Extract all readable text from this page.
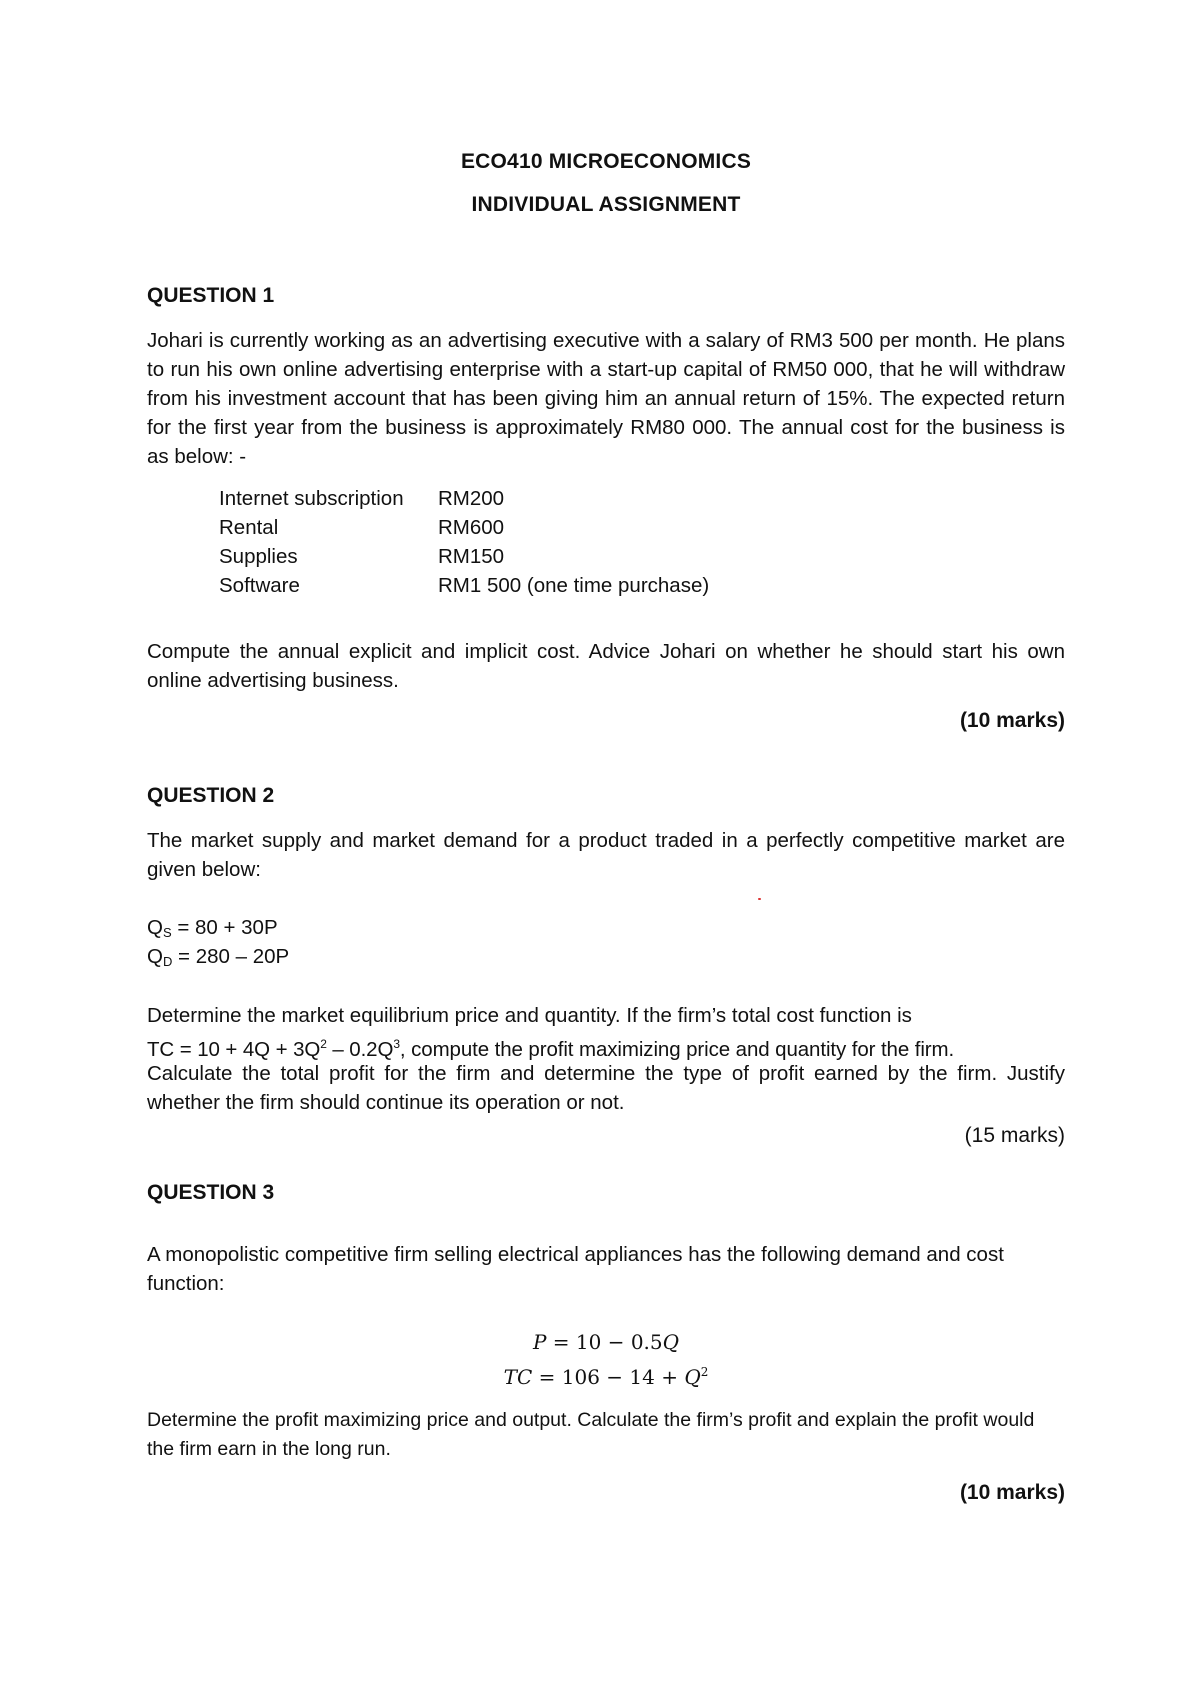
ECO410 MICROECONOMICS
INDIVIDUAL ASSIGNMENT
QUESTION 1
Johari is currently working as an advertising executive with a salary of RM3 500 per month. He plans to run his own online advertising enterprise with a start-up capital of RM50 000, that he will withdraw from his investment account that has been giving him an annual return of 15%. The expected return for the first year from the business is approximately RM80 000. The annual cost for the business is as below: -
Internet subscription	RM200
Rental	RM600
Supplies	RM150
Software	RM1 500 (one time purchase)
Compute the annual explicit and implicit cost. Advice Johari on whether he should start his own online advertising business.
(10 marks)
QUESTION 2
The market supply and market demand for a product traded in a perfectly competitive market are given below:
$Q_S = 80 + 30P$
$Q_D = 280 - 20P$
Determine the market equilibrium price and quantity. If the firm’s total cost function is
TC = $10 + 4Q + 3Q^2 - 0.2Q^3$, compute the profit maximizing price and quantity for the firm.
Calculate the total profit for the firm and determine the type of profit earned by the firm. Justify whether the firm should continue its operation or not.
(15 marks)
QUESTION 3
A monopolistic competitive firm selling electrical appliances has the following demand and cost function:
P = 10 − 0.5Q
TC = $106 - 14 + Q^2$
Determine the profit maximizing price and output. Calculate the firm’s profit and explain the profit would the firm earn in the long run.
(10 marks)
